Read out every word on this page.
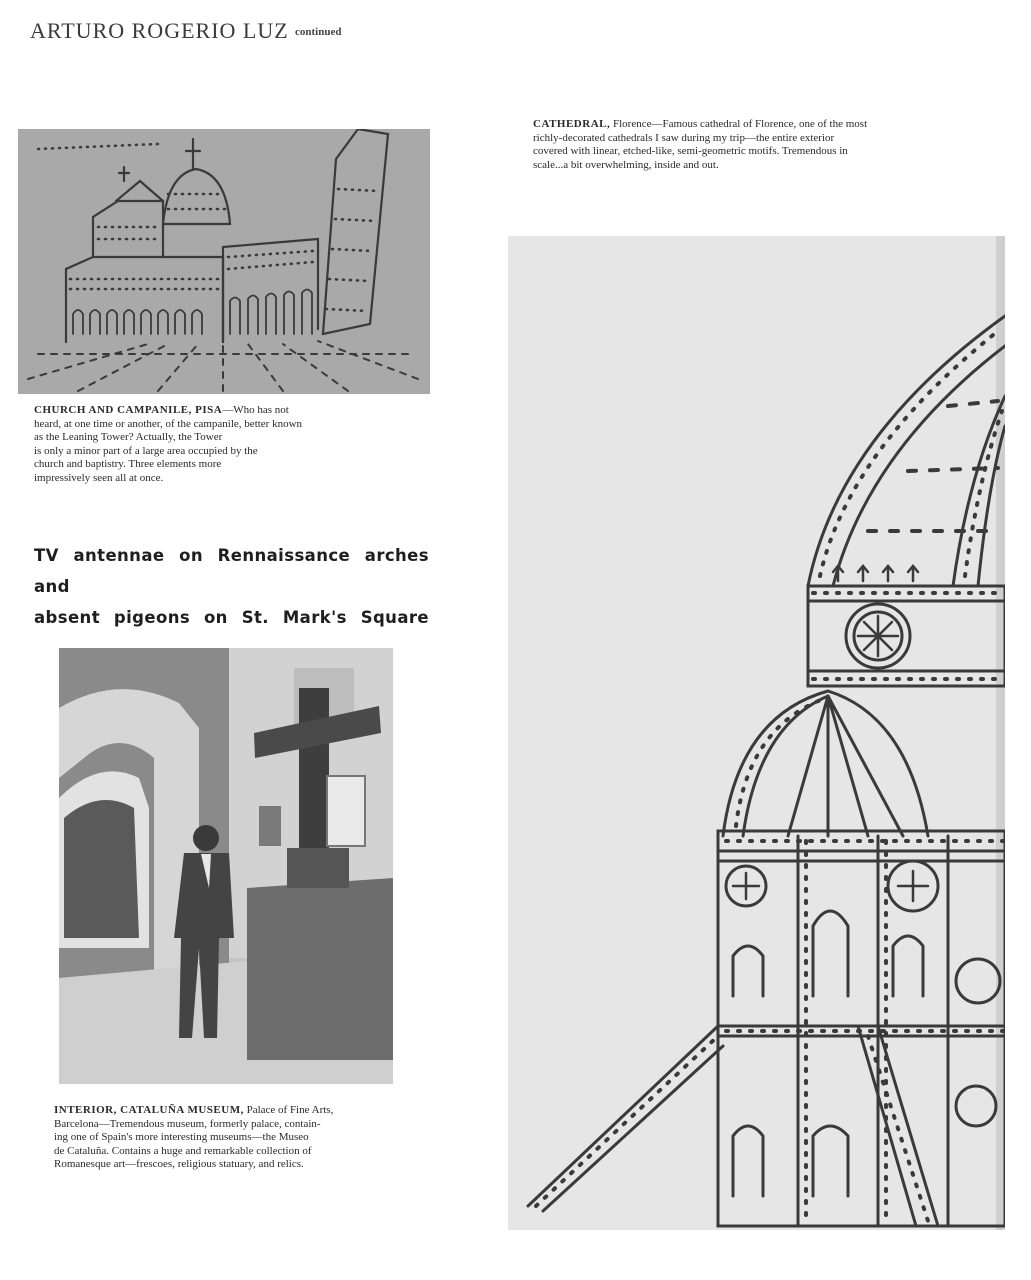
ARTURO ROGERIO LUZ continued

CHURCH AND CAMPANILE, PISA—Who has not
heard, at one time or another, of the campanile, better known
as the Leaning Tower? Actually, the Tower
is only a minor part of a large area occupied by the
church and baptistry. Three elements more
impressively seen all at once.

TV antennae on Rennaissance arches and
absent pigeons on St. Mark's Square

INTERIOR, CATALUÑA MUSEUM, Palace of Fine Arts,
Barcelona—Tremendous museum, formerly palace, contain-
ing one of Spain's more interesting museums—the Museo
de Cataluña. Contains a huge and remarkable collection of
Romanesque art—frescoes, religious statuary, and relics.

CATHEDRAL, Florence—Famous cathedral of Florence, one of the most
richly-decorated cathedrals I saw during my trip—the entire exterior
covered with linear, etched-like, semi-geometric motifs. Tremendous in
scale...a bit overwhelming, inside and out.
